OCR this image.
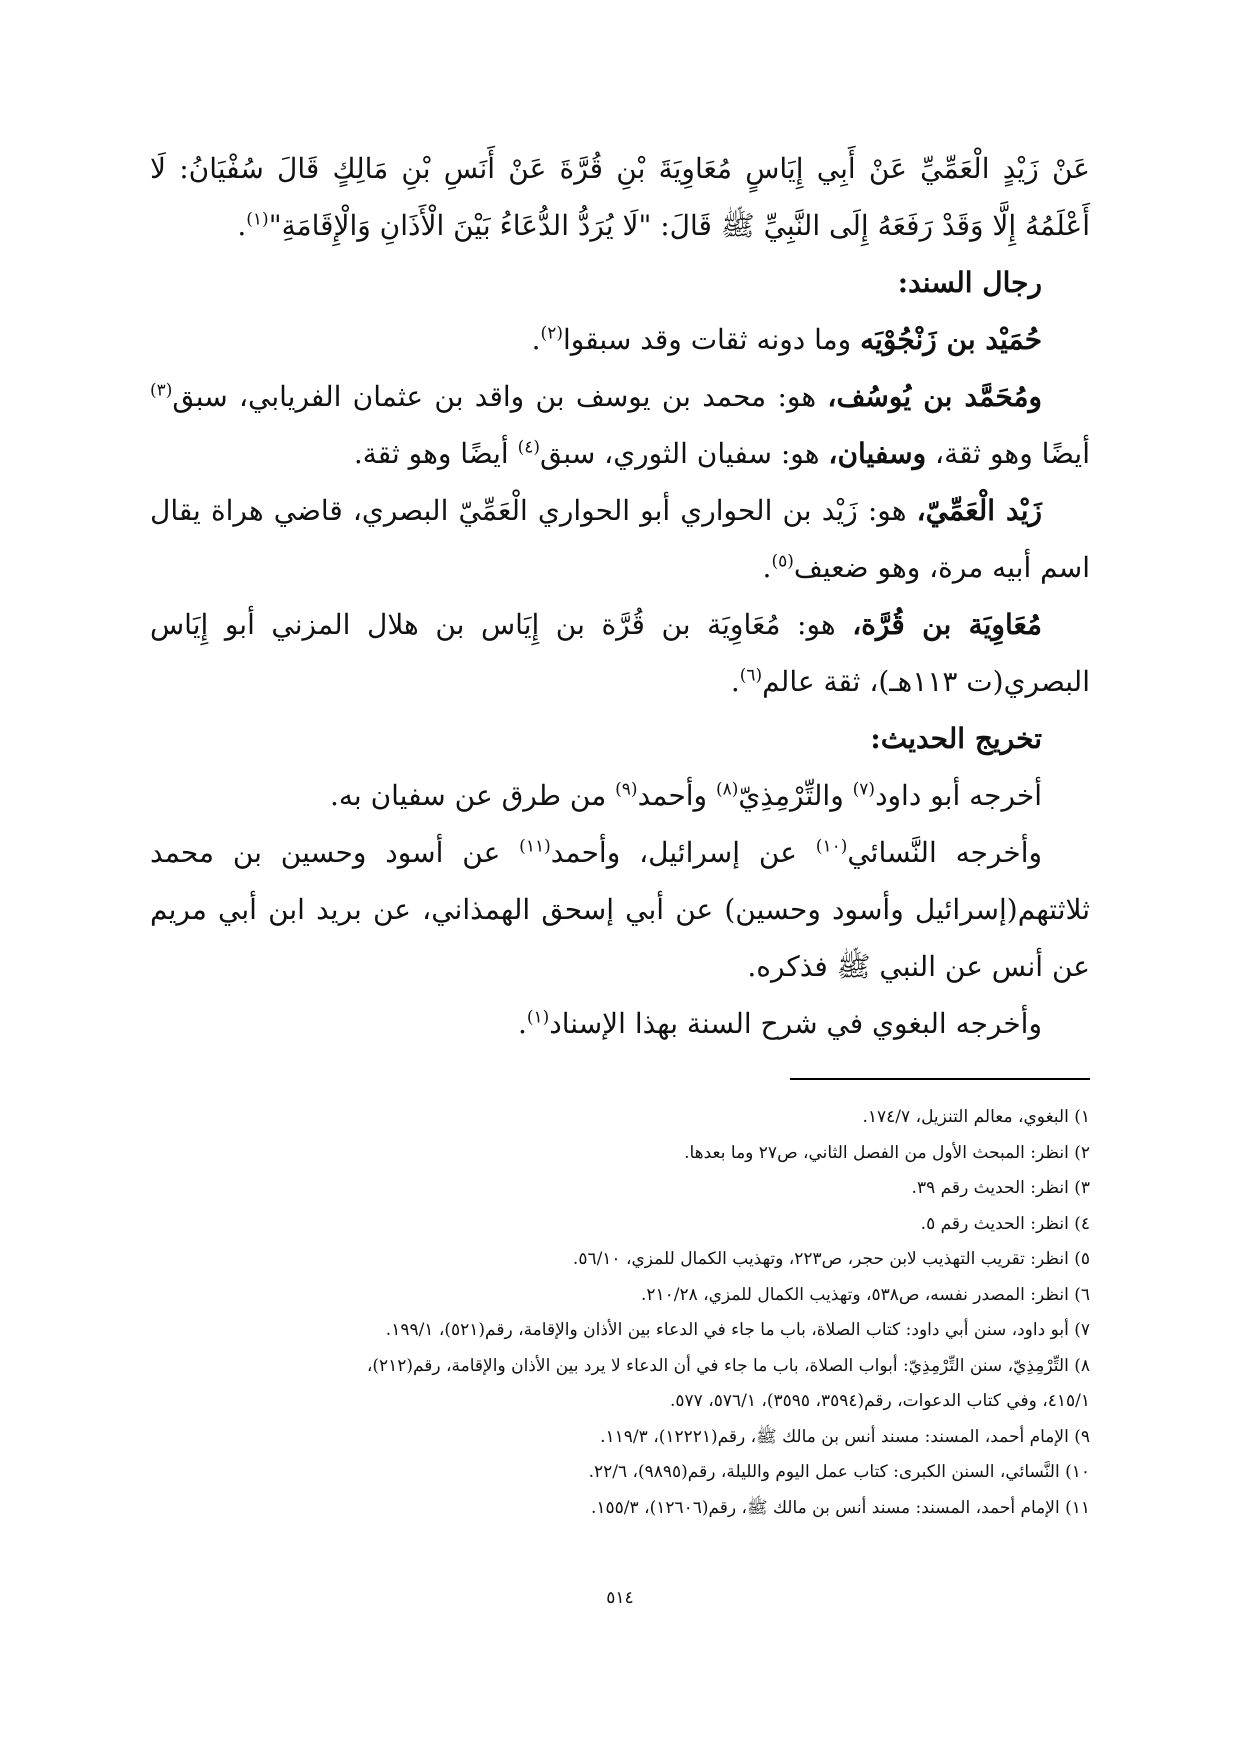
عَنْ زَيْدٍ الْعَمِّيِّ عَنْ أَبِي إِيَاسٍ مُعَاوِيَةَ بْنِ قُرَّةَ عَنْ أَنَسِ بْنِ مَالِكٍ قَالَ سُفْيَانُ: لَا أَعْلَمُهُ إِلَّا وَقَدْ رَفَعَهُ إِلَى النَّبِيِّ ﷺ قَالَ: "لَا يُرَدُّ الدُّعَاءُ بَيْنَ الْأَذَانِ وَالْإِقَامَةِ"$^{(١)}$.

رجال السند:

حُمَيْد بن زَنْجُوْيَه وما دونه ثقات وقد سبقوا$^{(٢)}$.

ومُحَمَّد بن يُوسُف، هو: محمد بن يوسف بن واقد بن عثمان الفريابي، سبق$^{(٣)}$ أيضًا وهو ثقة، وسفيان، هو: سفيان الثوري، سبق$^{(٤)}$ أيضًا وهو ثقة.

زَيْد الْعَمِّيّ، هو: زَيْد بن الحواري أبو الحواري الْعَمِّيّ البصري، قاضي هراة يقال اسم أبيه مرة، وهو ضعيف$^{(٥)}$.

مُعَاوِيَة بن قُرَّة، هو: مُعَاوِيَة بن قُرَّة بن إِيَاس بن هلال المزني أبو إِيَاس البصري(ت ١١٣هـ)، ثقة عالم$^{(٦)}$.

تخريج الحديث:

أخرجه أبو داود$^{(٧)}$ والتِّرْمِذِيّ$^{(٨)}$ وأحمد$^{(٩)}$ من طرق عن سفيان به.

وأخرجه النَّسائي$^{(١٠)}$ عن إسرائيل، وأحمد$^{(١١)}$ عن أسود وحسين بن محمد ثلاثتهم(إسرائيل وأسود وحسين) عن أبي إسحق الهمذاني، عن بريد ابن أبي مريم عن أنس عن النبي ﷺ فذكره.

وأخرجه البغوي في شرح السنة بهذا الإسناد$^{(١)}$.

١) البغوي، معالم التنزيل، ١٧٤/٧.
٢) انظر: المبحث الأول من الفصل الثاني، ص٢٧ وما بعدها.
٣) انظر: الحديث رقم ٣٩.
٤) انظر: الحديث رقم ٥.
٥) انظر: تقريب التهذيب لابن حجر، ص٢٢٣، وتهذيب الكمال للمزي، ٥٦/١٠.
٦) انظر: المصدر نفسه، ص٥٣٨، وتهذيب الكمال للمزي، ٢١٠/٢٨.
٧) أبو داود، سنن أبي داود: كتاب الصلاة، باب ما جاء في الدعاء بين الأذان والإقامة، رقم(٥٢١)، ١٩٩/١.
٨) التِّرْمِذِيّ، سنن التِّرْمِذِيّ: أبواب الصلاة، باب ما جاء في أن الدعاء لا يرد بين الأذان والإقامة، رقم(٢١٢)،
٤١٥/١، وفي كتاب الدعوات، رقم(٣٥٩٤، ٣٥٩٥)، ٥٧٦/١، ٥٧٧.
٩) الإمام أحمد، المسند: مسند أنس بن مالك ﷺ، رقم(١٢٢٢١)، ١١٩/٣.
١٠) النَّسائي، السنن الكبرى: كتاب عمل اليوم والليلة، رقم(٩٨٩٥)، ٢٢/٦.
١١) الإمام أحمد، المسند: مسند أنس بن مالك ﷺ، رقم(١٢٦٠٦)، ١٥٥/٣.
٥١٤
